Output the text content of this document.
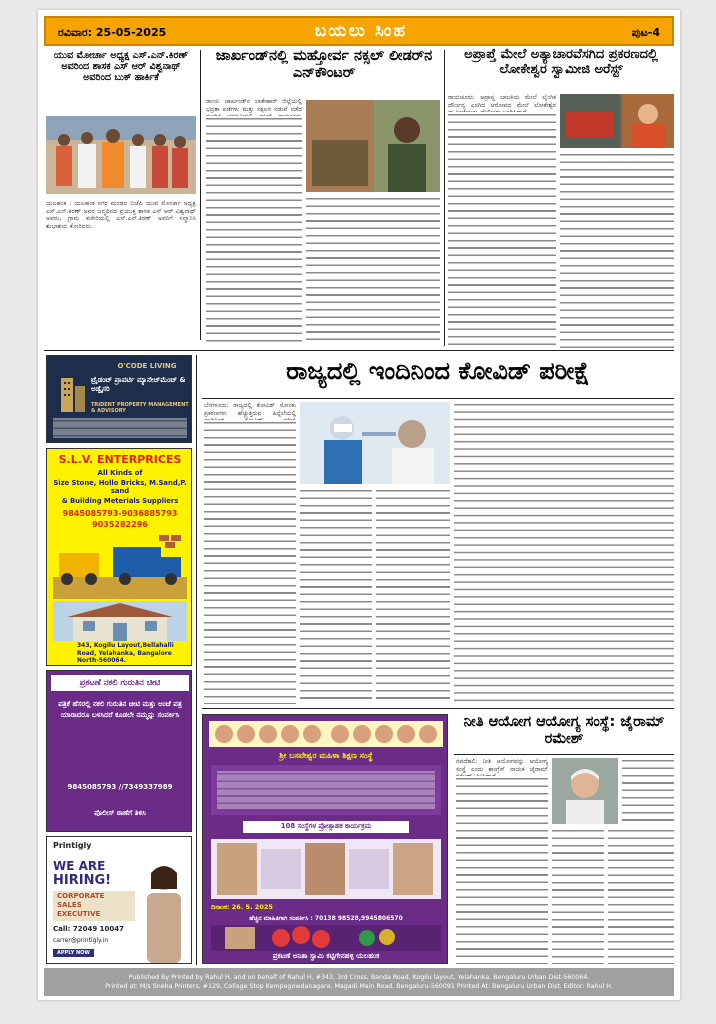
ರವಿವಾರ: 25-05-2025	ಬಯಲು ಸಿಂಹ	ಪುಟ-4
ಯುವ ಮೋರ್ಚಾ ಅಧ್ಯಕ್ಷ ಎಸ್.ಎನ್.ಕಿರಣ್ ಅವರಿಂದ ಶಾಸಕ ಎಸ್ ಆರ್ ವಿಶ್ವನಾಥ್ ಅವರಿಂದ ಬುಕ್ ಹಾರ್ಕಿಕೆ
ಯಲಹಂಕ : ಯಲಹಂಕ ನಗರ ಮಂಡಲ ಬಿಜೆಪಿ ಯುವ ಮೋರ್ಚಾ ಅಧ್ಯಕ್ಷ ಎಸ್.ಎನ್.ಕಿರಣ್ ಅವರ ಜನ್ಮದಿನದ ಪ್ರಯುಕ್ತ ಶಾಸಕ ಎಸ್ ಆರ್ ವಿಶ್ವನಾಥ್ ಅವರು, ಗ್ರಾಮ ಕಚೇರಿಯಲ್ಲಿ ಎಸ್.ಎನ್.ಕಿರಣ್ ಅವರಿಗೆ ಸನ್ಮಾನಿಸಿ ಶುಭಾಶಯ ಕೋರಿದರು.
ಜಾರ್ಖಂಡ್‌ನಲ್ಲಿ ಮಹ್ತೋರ್ವ ನಕ್ಸಲ್ ಲೀಡರ್‌ನ ಎನ್‌ಕೌಂಟರ್
ರಾಂಚಿ: ಜಾರ್ಖಂಡ್‌ನ ಲಾತೇಹಾರ್ ಜಿಲ್ಲೆಯಲ್ಲಿ ಭದ್ರತಾ ಪಡೆಗಳು ಮತ್ತು ನಕ್ಸಲರ ನಡುವೆ ನಡೆದ
ಅಪ್ರಾಪ್ತೆ ಮೇಲೆ ಅತ್ಯಾಚಾರವೆಸಗಿದ ಪ್ರಕರಣದಲ್ಲಿ ಲೋಕೇಶ್ವರ ಸ್ವಾಮೀಜಿ ಅರೆಸ್ಟ್
ರಾಯಚೂರು: ಅಪ್ರಾಪ್ತ ಬಾಲಕಿಯ ಮೇಲೆ ಲೈಂಗಿಕ ದೌರ್ಜನ್ಯ ಎಸಗಿದ ಆರೋಪದ ಮೇಲೆ ಲೋಕೇಶ್ವರ
O'CODE LIVING
ಟ್ರೈಡಂಟ್ ಪ್ರಾಪರ್ಟಿ ಮ್ಯಾನೇಜ್‌ಮೆಂಟ್ & ಅಡ್ವೈಸರಿ
TRIDENT PROPERTY MANAGEMENT & ADVISORY
S.L.V. ENTERPRICES
All Kinds of
Size Stone, Hollo Bricks, M.Sand,P. sand
& Building Meterials Suppliers
9845085793-9036885793
9035282296
343, Kogilu Layout,Bellahalli Road, Yelahanka, Bangalore North-560064.
ಪ್ರಕಟಣೆ ನಕಲಿ ಗುರುತಿನ ಚೀಟಿ
ಪತ್ರಿಕೆ ಹೆಸರಲ್ಲಿ ನಕಲಿ ಗುರುತಿನ ಚೀಟಿ ಮತ್ತು ಅಂಚೆ ಪತ್ರ ಯಾರಾದರೂ ಬಳಸಿದರೆ ಕೂಡಲೇ ನಮ್ಮನ್ನು ಸಂಪರ್ಕಿಸಿ
9845085793 //7349337989
ಪೊಲೀಸ್ ಠಾಣೆಗೆ ತಿಳಿಸಿ
Printigly
WE ARE
HIRING!
CORPORATE
SALES
EXECUTIVE
Call: 72049 10047
carrer@printigly.in
APPLY NOW
ರಾಜ್ಯದಲ್ಲಿ ಇಂದಿನಿಂದ ಕೋವಿಡ್ ಪರೀಕ್ಷೆ
ಬೆಂಗಳೂರು: ರಾಜ್ಯದಲ್ಲಿ ಕೋವಿಡ್ ಸೋಂಕು ಪ್ರಕರಣಗಳು ಹೆಚ್ಚುತ್ತಿರುವ ಹಿನ್ನೆಲೆಯಲ್ಲಿ
ಶ್ರೀ ಬಸವೇಶ್ವರ ಮಹಿಳಾ ಶಿಕ್ಷಣ ಸಂಸ್ಥೆ
108 ಸಂಸ್ಥೆಗಳ ಪ್ರೋತ್ಸಾಹಕ ಕಾರ್ಯಕ್ರಮ
ದಿನಾಂಕ: 26. 5. 2025
ಹೆಚ್ಚಿನ ಮಾಹಿತಿಗಾಗಿ ಸಂಪರ್ಕಿಸಿ : 70138 98528,9945806570
ಪ್ರಕಟಣೆ ಅನಿತಾ ಸ್ವಾಮಿ ಕಟ್ಟಿಗೇನಹಳ್ಳಿ ಯಲಹಂಕ
ನೀತಿ ಆಯೋಗ ಆಯೋಗ್ಯ ಸಂಸ್ಥೆ: ಜೈರಾಮ್ ರಮೇಶ್
ನವದೆಹಲಿ: ನೀತಿ ಆಯೋಗವನ್ನು ಆಯೋಗ್ಯ ಸಂಸ್ಥೆ ಎಂದು ಕಾಂಗ್ರೆಸ್ ನಾಯಕ ಜೈರಾಮ್
Published By Printed by Rahul H, and on behalf of Rahul H, #343, 3rd Cross, Banda Road, Kogilu layout, Yelahanka, Bengaluru Urban Dist-560064.
Printed at: M/s Sneha Printers, #129, Collage Stop Kempegowdanagara, Magadi Main Road, Bengaluru-560091 Printed At: Bengaluru Urban Dist. Editor: Rahul H.
